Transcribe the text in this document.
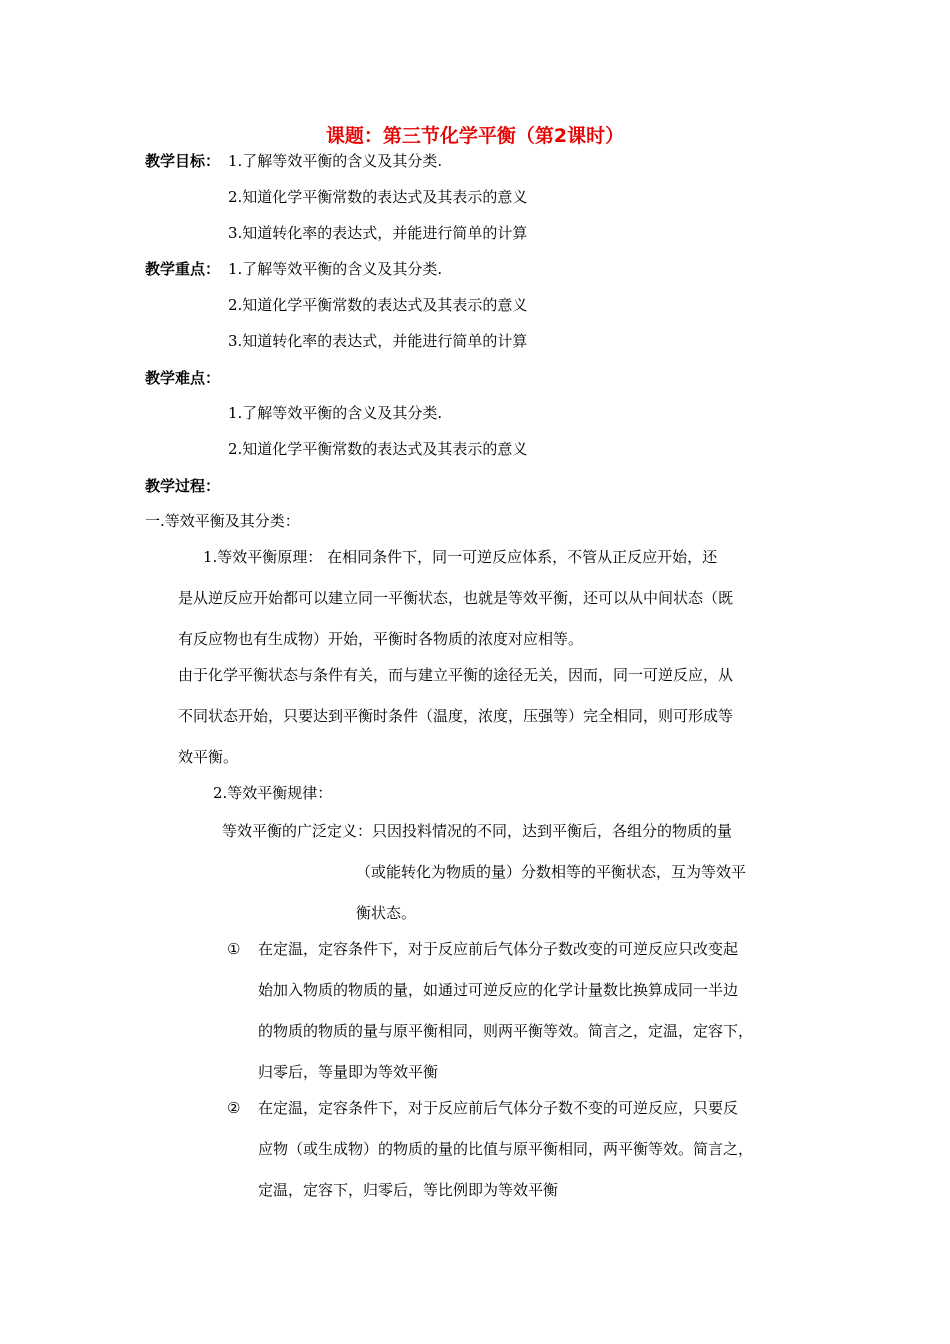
课题：第三节化学平衡（第2课时）
教学目标： 1.了解等效平衡的含义及其分类.
2.知道化学平衡常数的表达式及其表示的意义
3.知道转化率的表达式，并能进行简单的计算
教学重点： 1.了解等效平衡的含义及其分类.
2.知道化学平衡常数的表达式及其表示的意义
3.知道转化率的表达式，并能进行简单的计算
教学难点：
1.了解等效平衡的含义及其分类.
2.知道化学平衡常数的表达式及其表示的意义
教学过程：
一.等效平衡及其分类：
1.等效平衡原理： 在相同条件下，同一可逆反应体系，不管从正反应开始，还
是从逆反应开始都可以建立同一平衡状态，也就是等效平衡，还可以从中间状态（既
有反应物也有生成物）开始，平衡时各物质的浓度对应相等。
由于化学平衡状态与条件有关，而与建立平衡的途径无关，因而，同一可逆反应，从
不同状态开始，只要达到平衡时条件（温度，浓度，压强等）完全相同，则可形成等
效平衡。
2.等效平衡规律：
等效平衡的广泛定义：只因投料情况的不同，达到平衡后，各组分的物质的量
（或能转化为物质的量）分数相等的平衡状态，互为等效平
衡状态。
① 在定温，定容条件下，对于反应前后气体分子数改变的可逆反应只改变起
始加入物质的物质的量，如通过可逆反应的化学计量数比换算成同一半边
的物质的物质的量与原平衡相同，则两平衡等效。简言之，定温，定容下，
归零后，等量即为等效平衡
② 在定温，定容条件下，对于反应前后气体分子数不变的可逆反应，只要反
应物（或生成物）的物质的量的比值与原平衡相同，两平衡等效。简言之，
定温，定容下，归零后，等比例即为等效平衡
